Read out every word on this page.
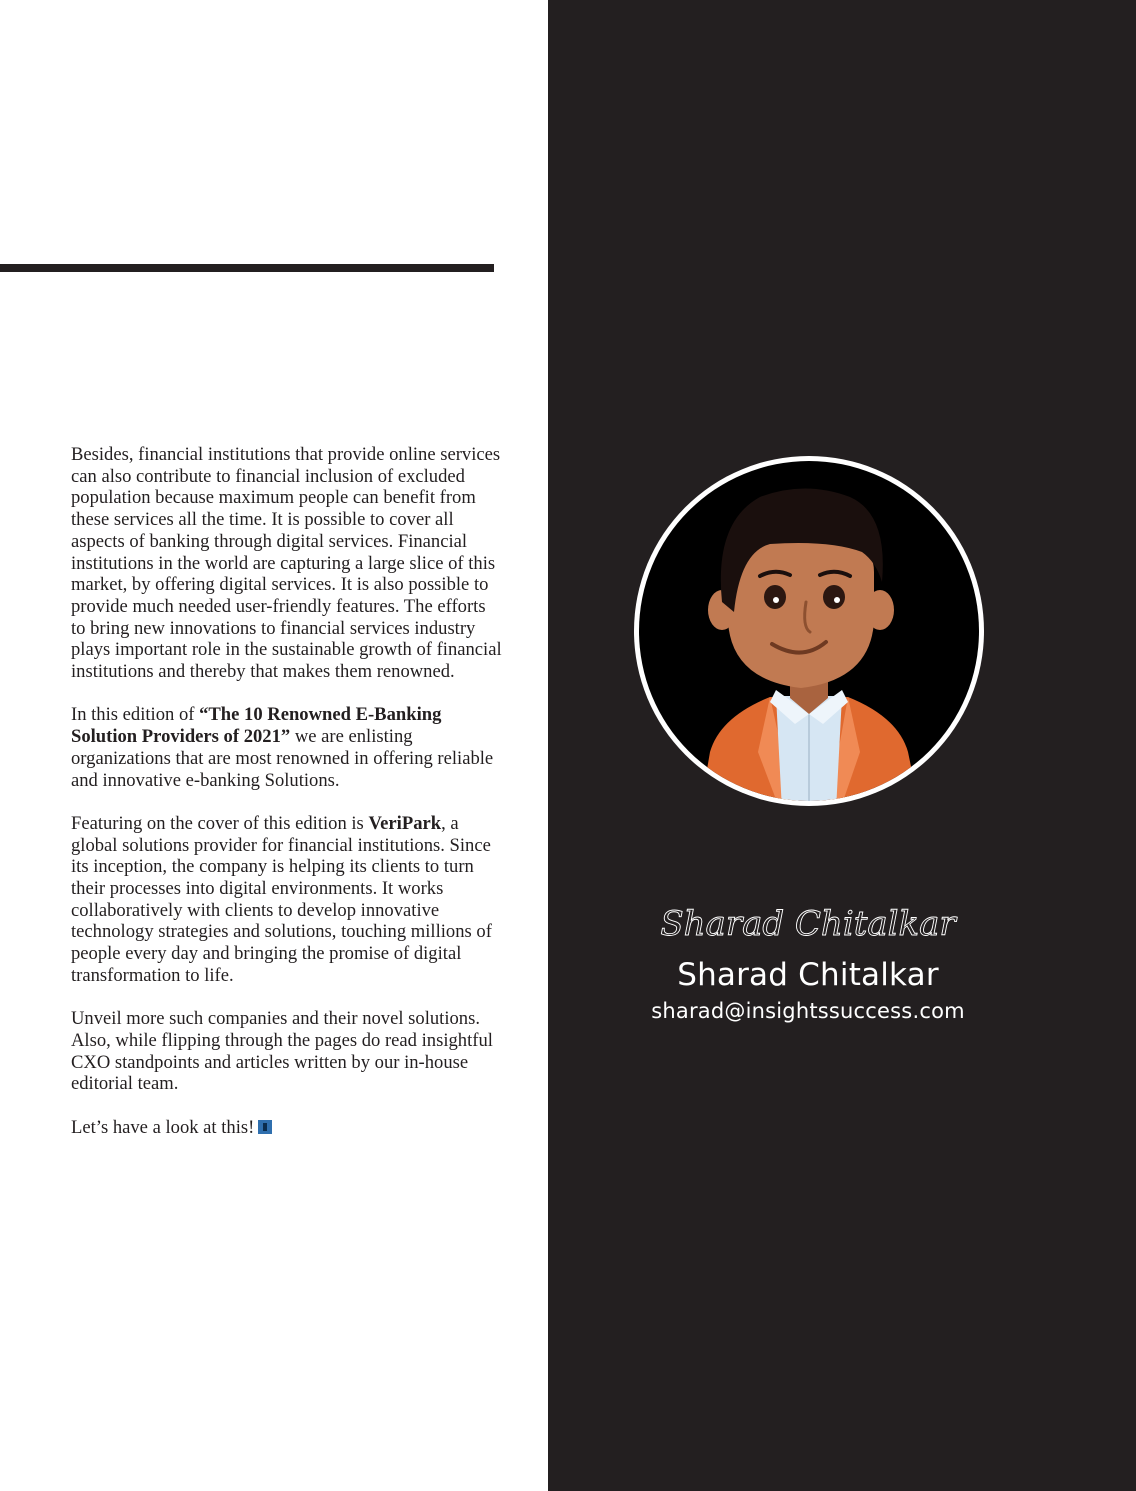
Besides, financial institutions that provide online services can also contribute to financial inclusion of excluded population because maximum people can benefit from these services all the time. It is possible to cover all aspects of banking through digital services. Financial institutions in the world are capturing a large slice of this market, by offering digital services. It is also possible to provide much needed user-friendly features. The efforts to bring new innovations to financial services industry plays important role in the sustainable growth of financial institutions and thereby that makes them renowned.

In this edition of “The 10 Renowned E-Banking Solution Providers of 2021” we are enlisting organizations that are most renowned in offering reliable and innovative e-banking Solutions.

Featuring on the cover of this edition is VeriPark, a global solutions provider for financial institutions. Since its inception, the company is helping its clients to turn their processes into digital environments. It works collaboratively with clients to develop innovative technology strategies and solutions, touching millions of people every day and bringing the promise of digital transformation to life.

Unveil more such companies and their novel solutions. Also, while flipping through the pages do read insightful CXO standpoints and articles written by our in-house editorial team.

Let’s have a look at this!

Sharad Chitalkar
Sharad Chitalkar
sharad@insightssuccess.com
